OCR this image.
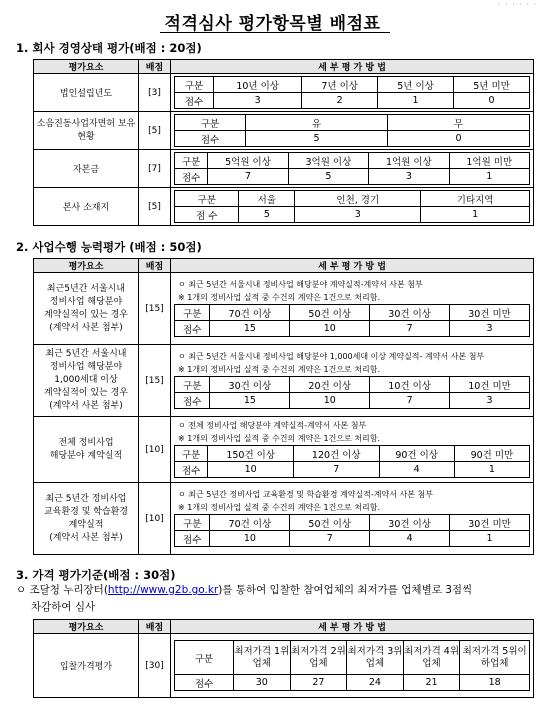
· · · · · ·
적격심사 평가항목별 배점표
1. 회사 경영상태 평가(배점 : 20점)
평가요소	배점	세 부 평 가 방 법
법인설립년도	[3]	
구분	10년 이상	7년 이상	5년 이상	5년 미만
점수	3	2	1	0

소음진동사업자면허 보유현황	[5]	
구분	유	무
점수	5	0

자본금	[7]	
구분	5억원 이상	3억원 이상	1억원 이상	1억원 미만
점수	7	5	3	1

본사 소재지	[5]	
구분	서울	인천, 경기	기타지역
점 수	5	3	1
2. 사업수행 능력평가 (배점 : 50점)
평가요소	배점	세 부 평 가 방 법

최근5년간 서울시내
정비사업 해당분야
계약실적이 있는 경우
(계약서 사본 첨부)
	[15]	
ㅇ 최근 5년간 서울시내 정비사업 해당분야 계약실적-계약서 사본 첨부
※ 1개의 정비사업 실적 중 수건의 계약은 1건으로 처리함.
구분	70건 이상	50건 이상	30건 이상	30건 미만
점수	15	10	7	3

최근 5년간 서울시내
정비사업 해당분야
1,000세대 이상
계약실적이 있는 경우
(계약서 사본 첨부)
	[15]	
ㅇ 최근 5년간 서울시내 정비사업 해당분야 1,000세대 이상 계약실적- 계약서 사본 첨부
※ 1개의 정비사업 실적 중 수건의 계약은 1건으로 처리함.
구분	30건 이상	20건 이상	10건 이상	10건 미만
점수	15	10	7	3

전체 정비사업
해당분야 계약실적
	[10]	
ㅇ 전체 정비사업 해당분야 계약실적-계약서 사본 첨부
※ 1개의 정비사업 실적 중 수건의 계약은 1건으로 처리함.
구분	150건 이상	120건 이상	90건 이상	90건 미만
점수	10	7	4	1

최근 5년간 정비사업
교육환경 및 학습환경
계약실적
(계약서 사본 첨부)
	[10]	
ㅇ 최근 5년간 정비사업 교육환경 및 학습환경 계약실적-계약서 사본 첨부
※ 1개의 정비사업 실적 중 수건의 계약은 1건으로 처리함.
구분	70건 이상	50건 이상	30건 이상	30건 미만
점수	10	7	4	1
3. 가격 평가기준(배점 : 30점)
ㅇ 조달청 누리장터(http://www.g2b.go.kr)를 통하여 입찰한 참여업체의 최저가를 업체별로 3점씩
차감하여 심사
평가요소	배점	세 부 평 가 방 법
입찰가격평가	[30]	
구분	최저가격 1위업체	최저가격 2위업체	최저가격 3위업체	최저가격 4위업체	최저가격 5위이하업체
점수	30	27	24	21	18
